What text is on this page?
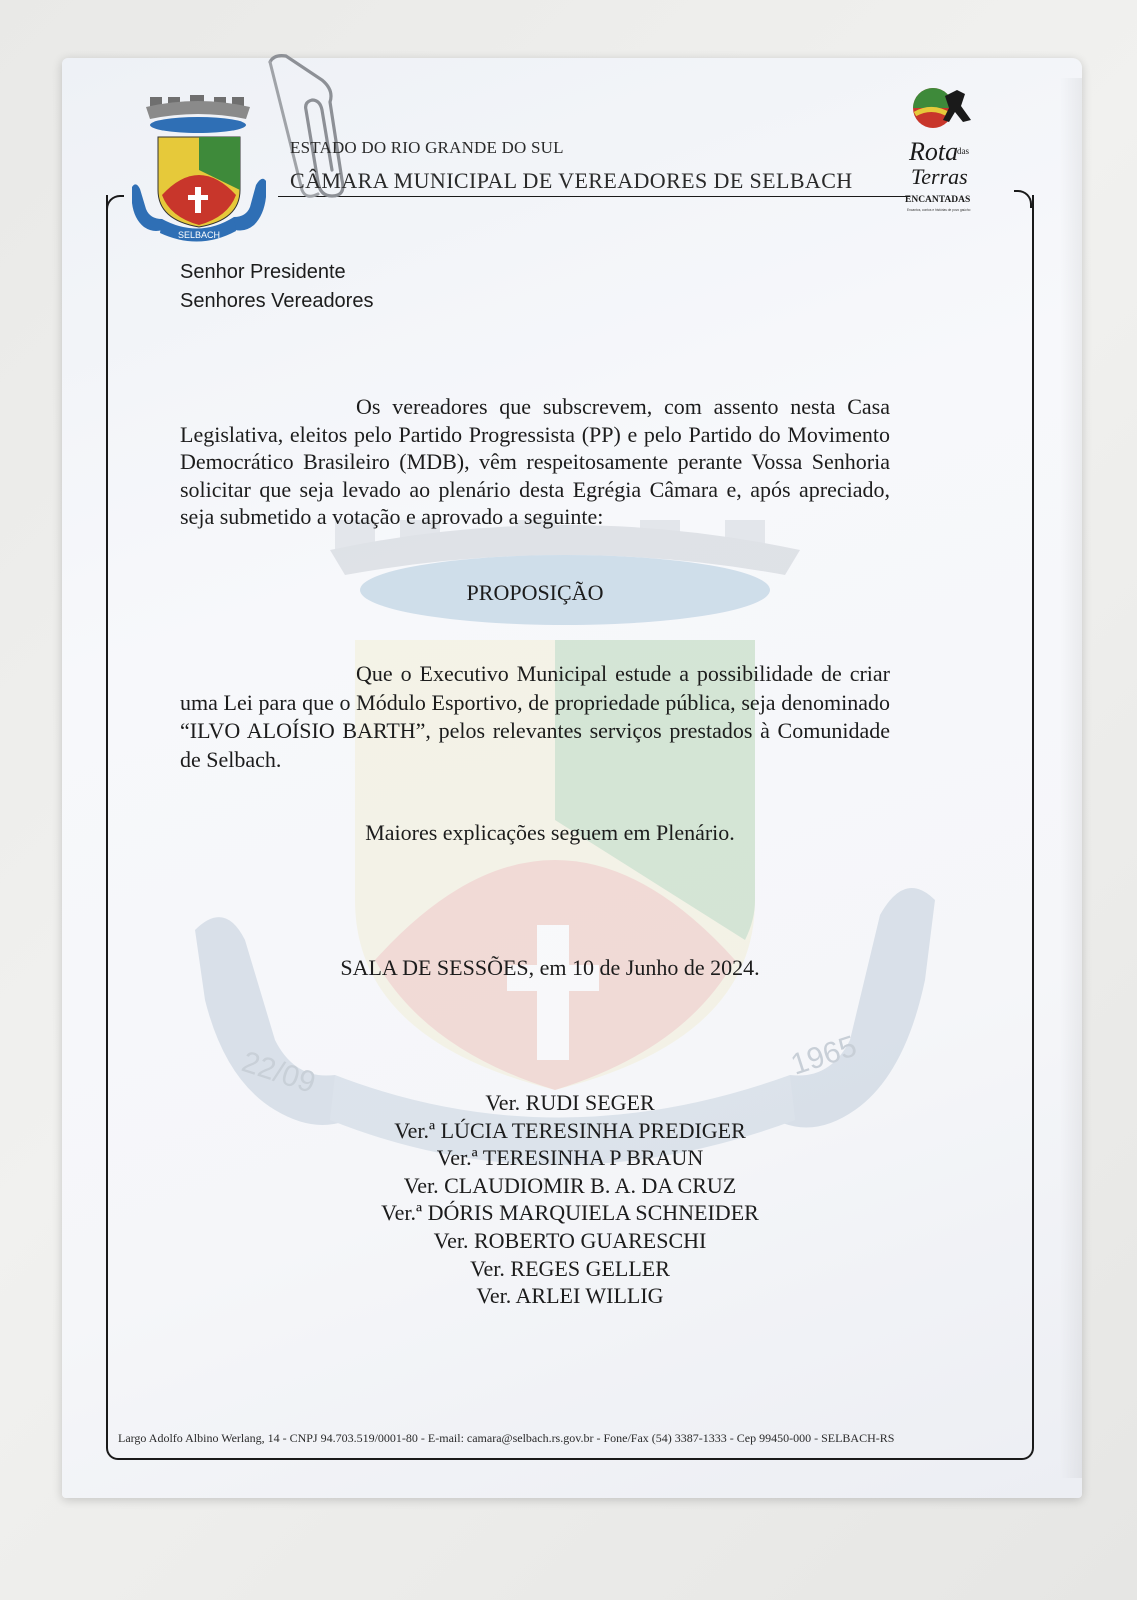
22/09	1965
SELBACH
Rota
das
Terras
ENCANTADAS
Encantos, contos e histórias de povo gaúcho
ESTADO DO RIO GRANDE DO SUL
CÂMARA MUNICIPAL DE VEREADORES DE SELBACH
Senhor Presidente
Senhores Vereadores
Os vereadores que subscrevem, com assento nesta Casa Legislativa, eleitos pelo Partido Progressista (PP) e pelo Partido do Movimento Democrático Brasileiro (MDB), vêm respeitosamente perante Vossa Senhoria solicitar que seja levado ao plenário desta Egrégia Câmara e, após apreciado, seja submetido a votação e aprovado a seguinte:
PROPOSIÇÃO
Que o Executivo Municipal estude a possibilidade de criar uma Lei para que o Módulo Esportivo, de propriedade pública, seja denominado “ILVO ALOÍSIO BARTH”, pelos relevantes serviços prestados à Comunidade de Selbach.
Maiores explicações seguem em Plenário.
SALA DE SESSÕES, em 10 de Junho de 2024.
Ver. RUDI SEGER
Ver.ª LÚCIA TERESINHA PREDIGER
Ver.ª TERESINHA P BRAUN
Ver. CLAUDIOMIR B. A. DA CRUZ
Ver.ª DÓRIS MARQUIELA SCHNEIDER
Ver. ROBERTO GUARESCHI
Ver. REGES GELLER
Ver. ARLEI WILLIG
Largo Adolfo Albino Werlang, 14 - CNPJ 94.703.519/0001-80 - E-mail: camara@selbach.rs.gov.br - Fone/Fax (54) 3387-1333 - Cep 99450-000 - SELBACH-RS
